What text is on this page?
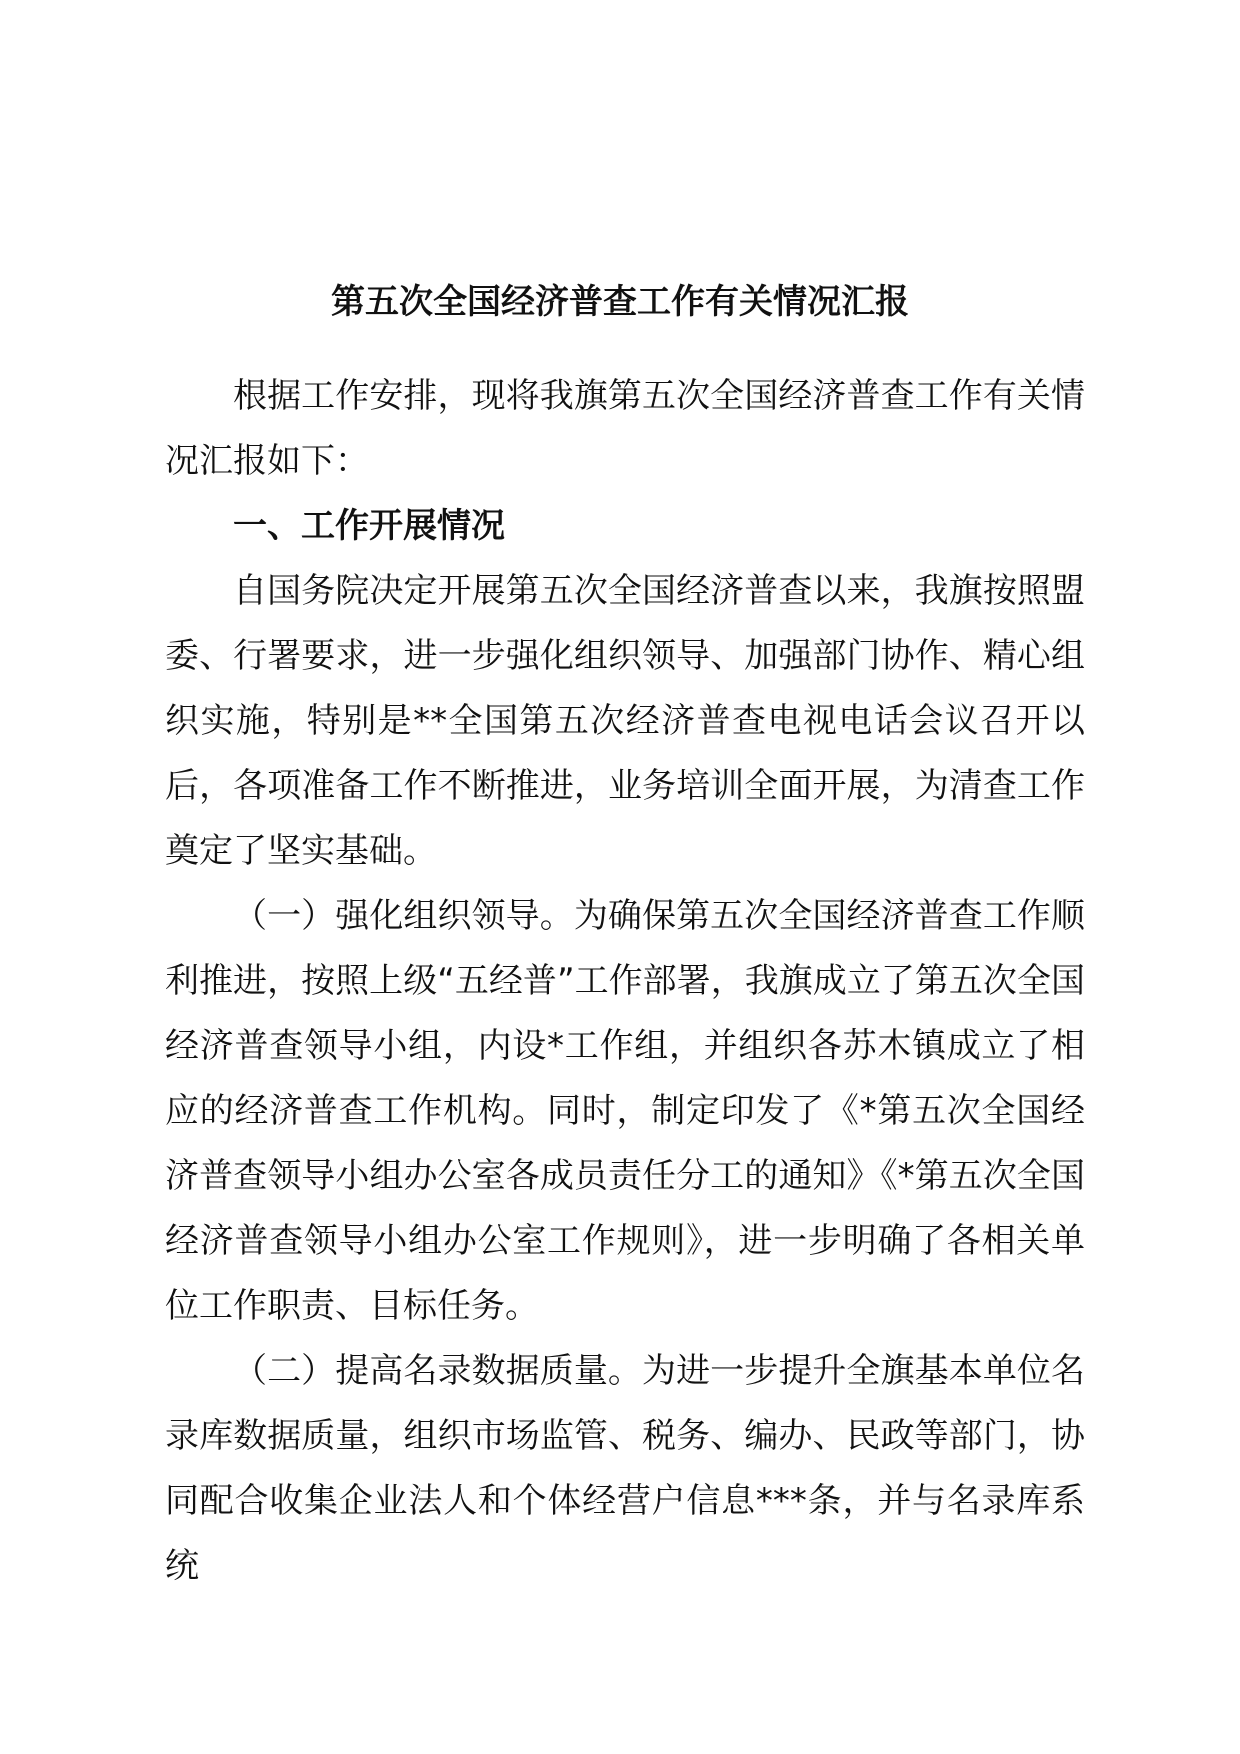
第五次全国经济普查工作有关情况汇报

根据工作安排，现将我旗第五次全国经济普查工作有关情况汇报如下：

一、工作开展情况

自国务院决定开展第五次全国经济普查以来，我旗按照盟委、行署要求，进一步强化组织领导、加强部门协作、精心组织实施，特别是**全国第五次经济普查电视电话会议召开以后，各项准备工作不断推进，业务培训全面开展，为清查工作奠定了坚实基础。

（一）强化组织领导。为确保第五次全国经济普查工作顺利推进，按照上级“五经普”工作部署，我旗成立了第五次全国经济普查领导小组，内设*工作组，并组织各苏木镇成立了相应的经济普查工作机构。同时，制定印发了《*第五次全国经济普查领导小组办公室各成员责任分工的通知》《*第五次全国经济普查领导小组办公室工作规则》，进一步明确了各相关单位工作职责、目标任务。

（二）提高名录数据质量。为进一步提升全旗基本单位名录库数据质量，组织市场监管、税务、编办、民政等部门，协同配合收集企业法人和个体经营户信息***条，并与名录库系统
